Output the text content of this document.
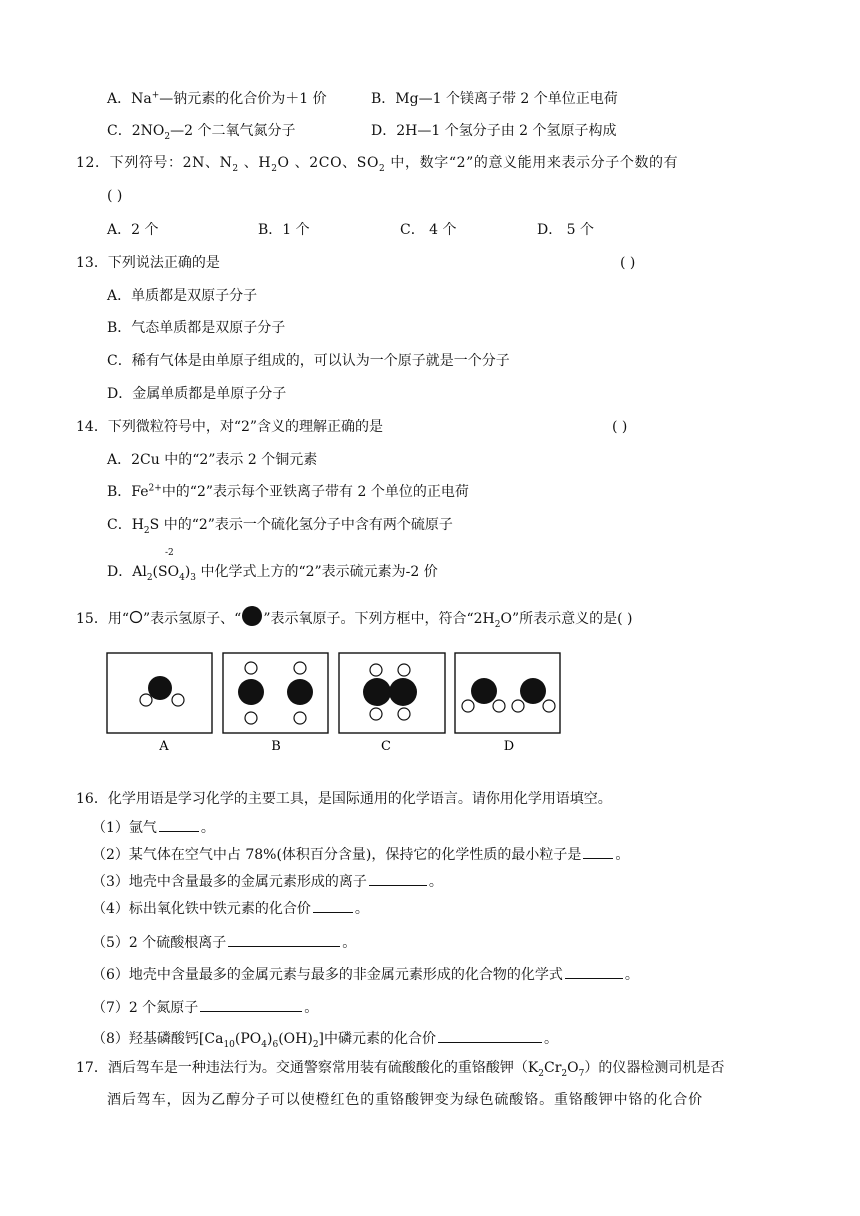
A．Na+—钠元素的化合价为＋1 价	B．Mg—1 个镁离子带 2 个单位正电荷
C．$2NO_2—2$ 个二氧气氮分子	D．2H—1 个氢分子由 2 个氢原子构成
12．下列符号：2N、$N_2$ 、$H_2O$ 、2CO、$SO_2$ 中，数字“2”的意义能用来表示分子个数的有
( )
A．2 个	B．1 个	C． 4 个	D． 5 个
13．下列说法正确的是	( )
A．单质都是双原子分子
B．气态单质都是双原子分子
C．稀有气体是由单原子组成的，可以认为一个原子就是一个分子
D．金属单质都是单原子分子
14．下列微粒符号中，对“2”含义的理解正确的是	( )
A．2Cu 中的“2”表示 2 个铜元素
B．$Fe^{2+}$中的“2”表示每个亚铁离子带有 2 个单位的正电荷
C．$H_2S$ 中的“2”表示一个硫化氢分子中含有两个硫原子
-2
D．$Al_2(SO_4)_3$ 中化学式上方的“2”表示硫元素为-2 价
15．用“ ”表示氢原子、“ ”表示氧原子。下列方框中，符合“$2H_2O$”所表示意义的是( )
A	B	C	D
16．化学用语是学习化学的主要工具，是国际通用的化学语言。请你用化学用语填空。
（1）氩气	。
（2）某气体在空气中占 78%(体积百分含量)，保持它的化学性质的最小粒子是 。
（3）地壳中含量最多的金属元素形成的离子	。
（4）标出氧化铁中铁元素的化合价	。
（5）2 个硫酸根离子	。
（6）地壳中含量最多的金属元素与最多的非金属元素形成的化合物的化学式	。
（7）2 个氮原子	。
（8）羟基磷酸钙$[Ca_{10}(PO_4)_6(OH)_2]$中磷元素的化合价	。
17．酒后驾车是一种违法行为。交通警察常用装有硫酸酸化的重铬酸钾$(K_2Cr_2O_7)$的仪器检测司机是否
酒后驾车，因为乙醇分子可以使橙红色的重铬酸钾变为绿色硫酸铬。重铬酸钾中铬的化合价
